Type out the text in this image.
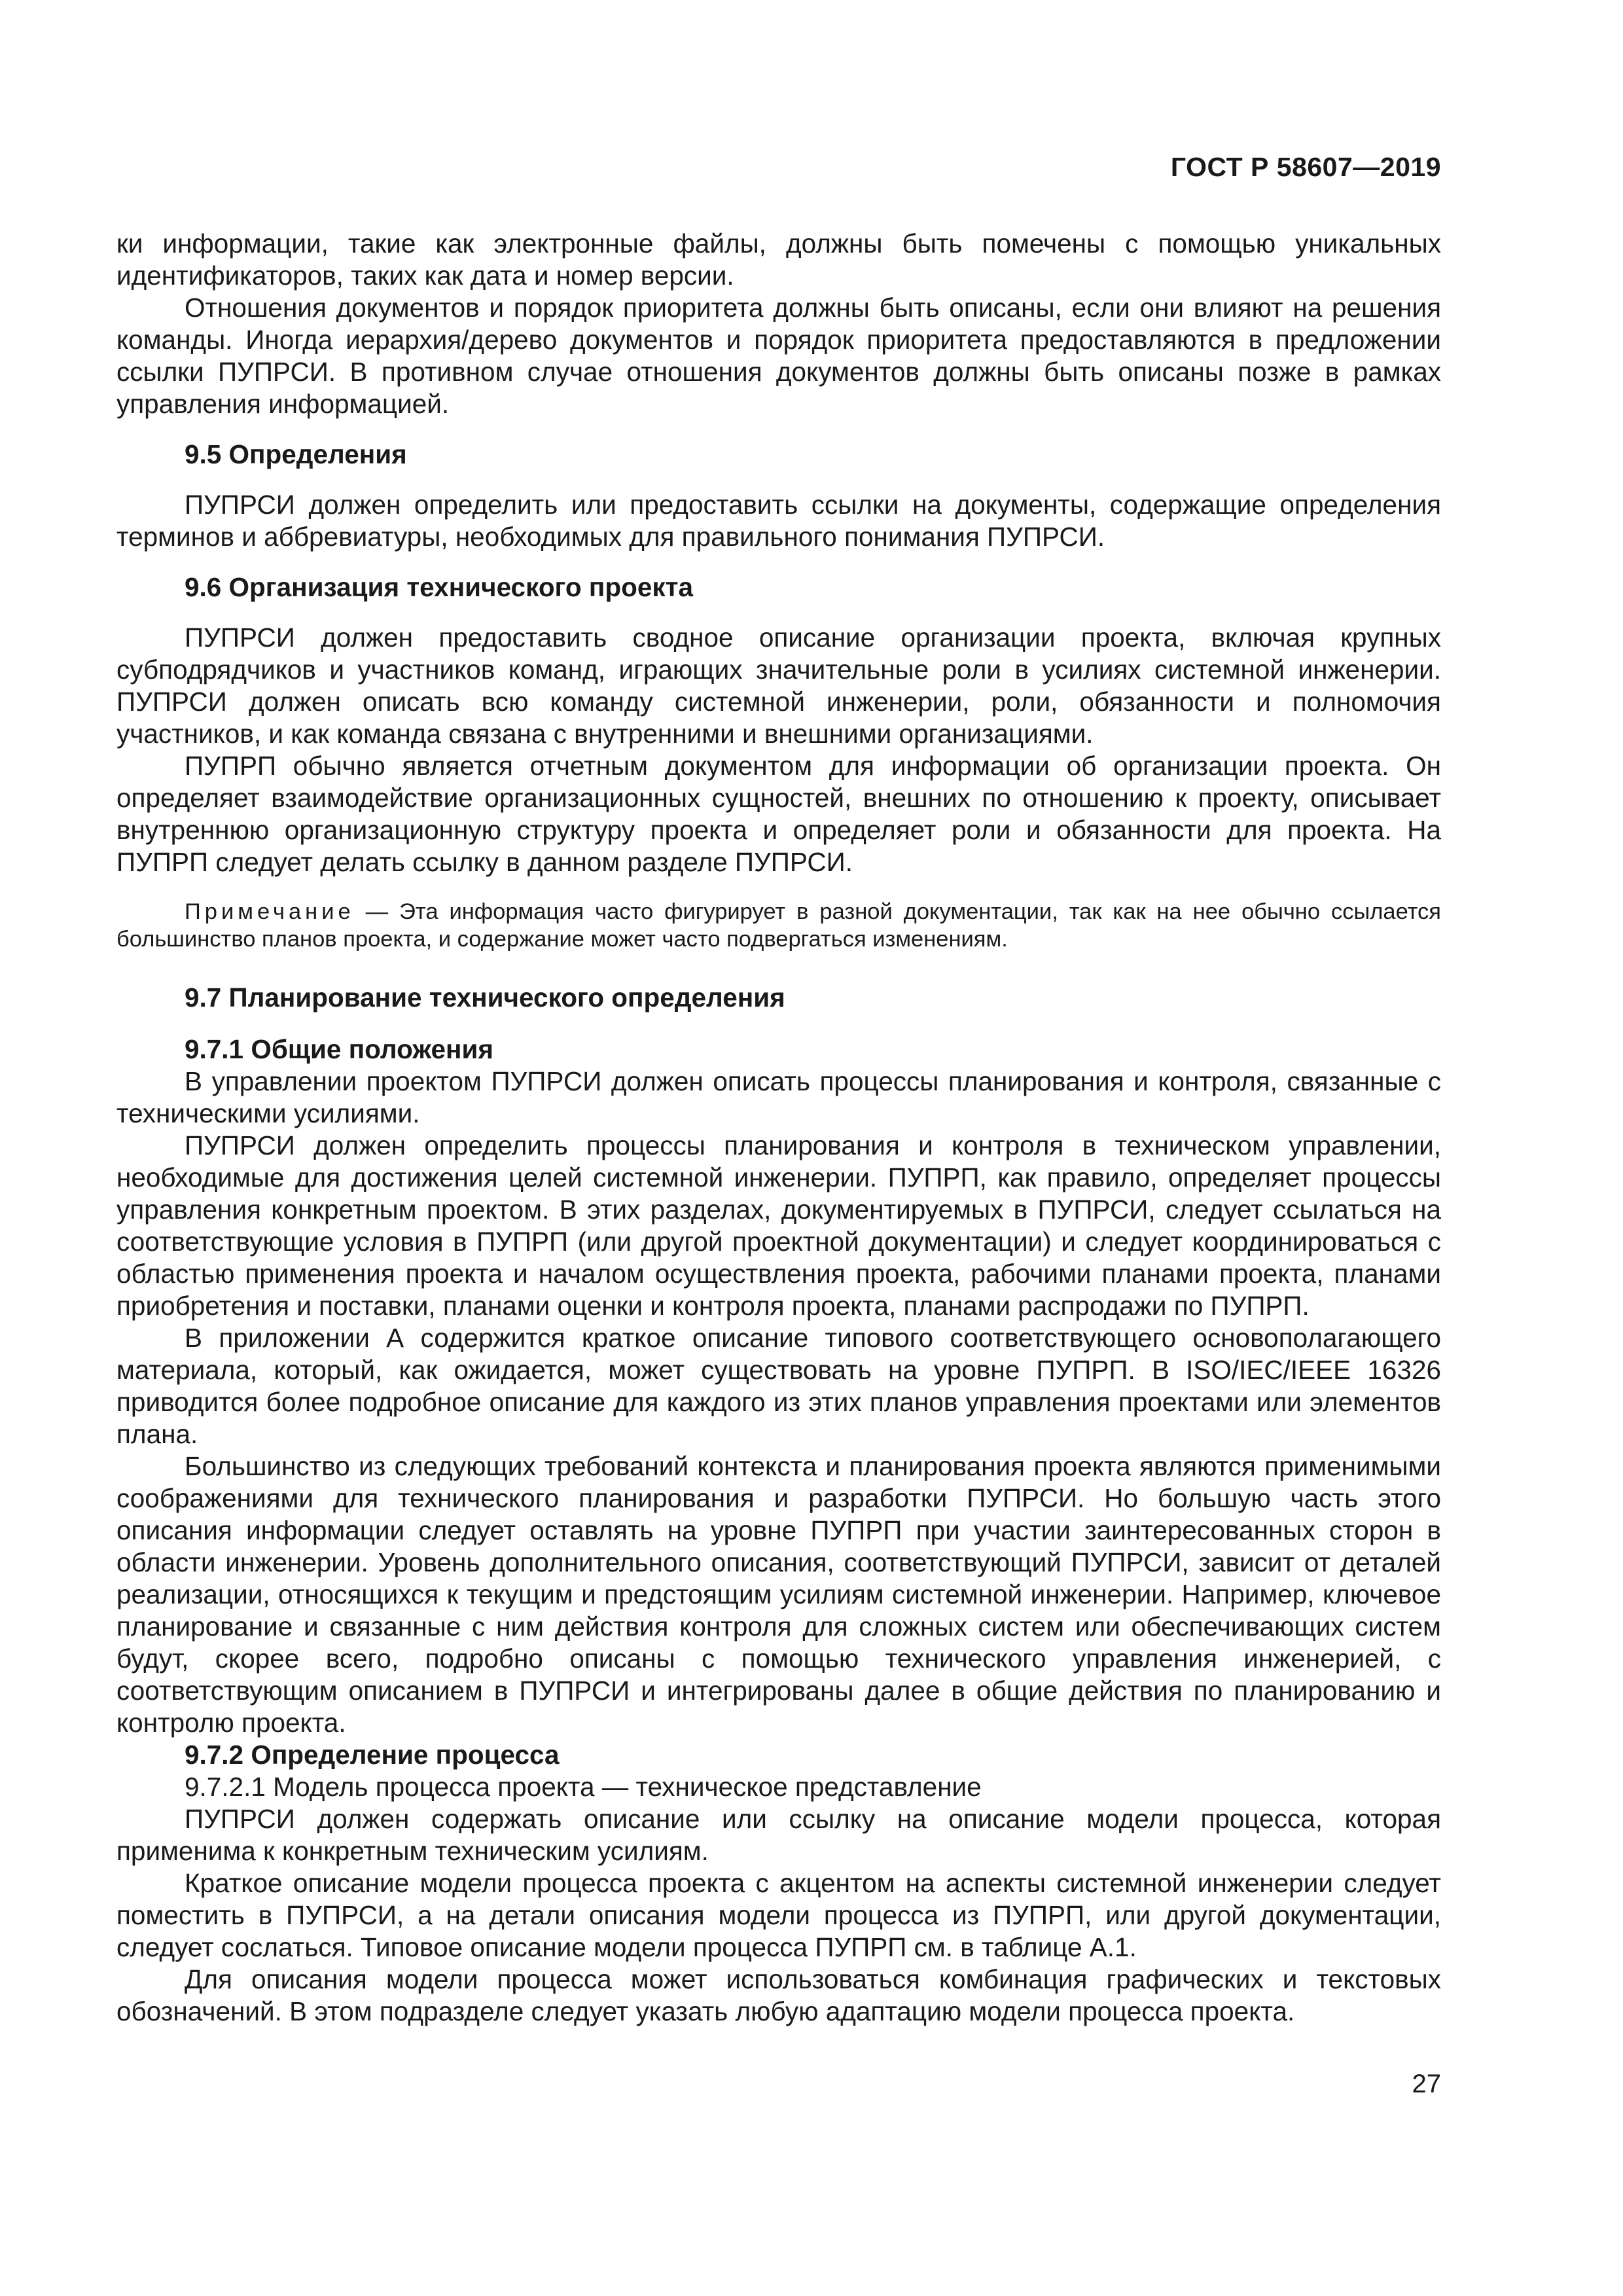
ГОСТ Р 58607—2019

ки информации, такие как электронные файлы, должны быть помечены с помощью уникальных идентификаторов, таких как дата и номер версии.

Отношения документов и порядок приоритета должны быть описаны, если они влияют на решения команды. Иногда иерархия/дерево документов и порядок приоритета предоставляются в предложении ссылки ПУПРСИ. В противном случае отношения документов должны быть описаны позже в рамках управления информацией.

9.5 Определения

ПУПРСИ должен определить или предоставить ссылки на документы, содержащие определения терминов и аббревиатуры, необходимых для правильного понимания ПУПРСИ.

9.6 Организация технического проекта

ПУПРСИ должен предоставить сводное описание организации проекта, включая крупных субподрядчиков и участников команд, играющих значительные роли в усилиях системной инженерии. ПУПРСИ должен описать всю команду системной инженерии, роли, обязанности и полномочия участников, и как команда связана с внутренними и внешними организациями.

ПУПРП обычно является отчетным документом для информации об организации проекта. Он определяет взаимодействие организационных сущностей, внешних по отношению к проекту, описывает внутреннюю организационную структуру проекта и определяет роли и обязанности для проекта. На ПУПРП следует делать ссылку в данном разделе ПУПРСИ.

Примечание — Эта информация часто фигурирует в разной документации, так как на нее обычно ссылается большинство планов проекта, и содержание может часто подвергаться изменениям.

9.7 Планирование технического определения

9.7.1 Общие положения

В управлении проектом ПУПРСИ должен описать процессы планирования и контроля, связанные с техническими усилиями.

ПУПРСИ должен определить процессы планирования и контроля в техническом управлении, необходимые для достижения целей системной инженерии. ПУПРП, как правило, определяет процессы управления конкретным проектом. В этих разделах, документируемых в ПУПРСИ, следует ссылаться на соответствующие условия в ПУПРП (или другой проектной документации) и следует координироваться с областью применения проекта и началом осуществления проекта, рабочими планами проекта, планами приобретения и поставки, планами оценки и контроля проекта, планами распродажи по ПУПРП.

В приложении А содержится краткое описание типового соответствующего основополагающего материала, который, как ожидается, может существовать на уровне ПУПРП. В ISO/IEC/IEEE 16326 приводится более подробное описание для каждого из этих планов управления проектами или элементов плана.

Большинство из следующих требований контекста и планирования проекта являются применимыми соображениями для технического планирования и разработки ПУПРСИ. Но большую часть этого описания информации следует оставлять на уровне ПУПРП при участии заинтересованных сторон в области инженерии. Уровень дополнительного описания, соответствующий ПУПРСИ, зависит от деталей реализации, относящихся к текущим и предстоящим усилиям системной инженерии. Например, ключевое планирование и связанные с ним действия контроля для сложных систем или обеспечивающих систем будут, скорее всего, подробно описаны с помощью технического управления инженерией, с соответствующим описанием в ПУПРСИ и интегрированы далее в общие действия по планированию и контролю проекта.

9.7.2 Определение процесса

9.7.2.1 Модель процесса проекта — техническое представление

ПУПРСИ должен содержать описание или ссылку на описание модели процесса, которая применима к конкретным техническим усилиям.

Краткое описание модели процесса проекта с акцентом на аспекты системной инженерии следует поместить в ПУПРСИ, а на детали описания модели процесса из ПУПРП, или другой документации, следует сослаться. Типовое описание модели процесса ПУПРП см. в таблице А.1.

Для описания модели процесса может использоваться комбинация графических и текстовых обозначений. В этом подразделе следует указать любую адаптацию модели процесса проекта.

27
